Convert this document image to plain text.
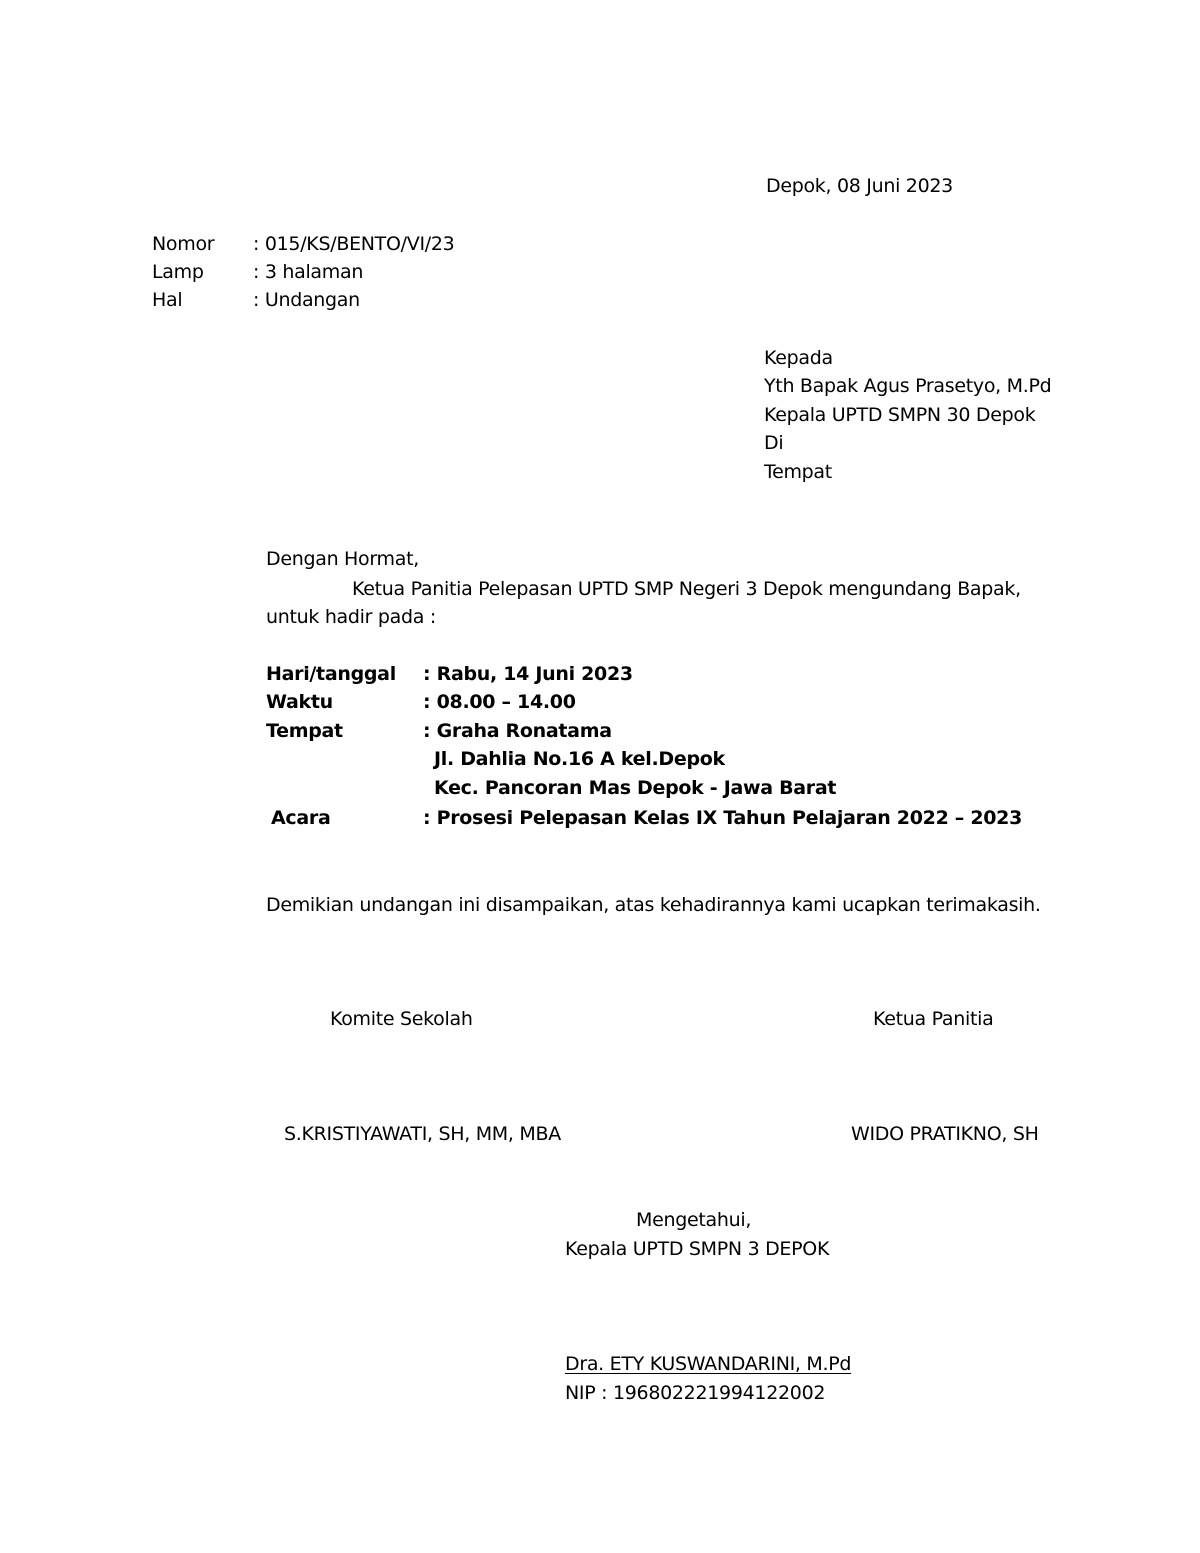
Depok, 08 Juni 2023
Nomor : 015/KS/BENTO/VI/23
Lamp	: 3 halaman
Hal	: Undangan
Kepada
Yth Bapak Agus Prasetyo, M.Pd
Kepala UPTD SMPN 30 Depok
Di
Tempat
Dengan Hormat,
Ketua Panitia Pelepasan UPTD SMP Negeri 3 Depok mengundang Bapak,
untuk hadir pada :
Hari/tanggal : Rabu, 14 Juni 2023
Waktu	: 08.00 – 14.00
Tempat	: Graha Ronatama
Jl. Dahlia No.16 A kel.Depok
Kec. Pancoran Mas Depok - Jawa Barat
Acara	: Prosesi Pelepasan Kelas IX Tahun Pelajaran 2022 – 2023
Demikian undangan ini disampaikan, atas kehadirannya kami ucapkan terimakasih.
Komite Sekolah	Ketua Panitia
S.KRISTIYAWATI, SH, MM, MBA	WIDO PRATIKNO, SH
Mengetahui,
Kepala UPTD SMPN 3 DEPOK
Dra. ETY KUSWANDARINI, M.Pd
NIP : 196802221994122002
